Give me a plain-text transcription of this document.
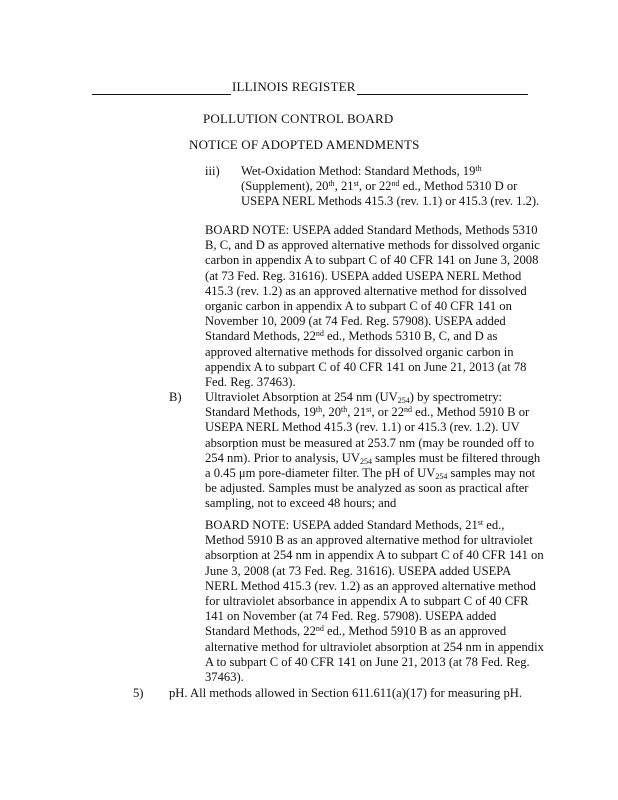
ILLINOIS REGISTER
POLLUTION CONTROL BOARD
NOTICE OF ADOPTED AMENDMENTS
iii) Wet-Oxidation Method: Standard Methods, 19th

(Supplement), 20th, 21st, or 22nd ed., Method 5310 D or

USEPA NERL Methods 415.3 (rev. 1.1) or 415.3 (rev. 1.2).

BOARD NOTE: USEPA added Standard Methods, Methods 5310

B, C, and D as approved alternative methods for dissolved organic

carbon in appendix A to subpart C of 40 CFR 141 on June 3, 2008

(at 73 Fed. Reg. 31616). USEPA added USEPA NERL Method

415.3 (rev. 1.2) as an approved alternative method for dissolved

organic carbon in appendix A to subpart C of 40 CFR 141 on

November 10, 2009 (at 74 Fed. Reg. 57908). USEPA added

Standard Methods, 22nd ed., Methods 5310 B, C, and D as

approved alternative methods for dissolved organic carbon in

appendix A to subpart C of 40 CFR 141 on June 21, 2013 (at 78

Fed. Reg. 37463).

B) Ultraviolet Absorption at 254 nm $(UV_{254})$ by spectrometry:

Standard Methods, 19th, 20th, 21st, or 22nd ed., Method 5910 B or

USEPA NERL Method 415.3 (rev. 1.1) or 415.3 (rev. 1.2). UV

absorption must be measured at 253.7 nm (may be rounded off to

254 nm). Prior to analysis, $UV_{254}$ samples must be filtered through

a 0.45 μm pore-diameter filter. The pH of $UV_{254}$ samples may not

be adjusted. Samples must be analyzed as soon as practical after

sampling, not to exceed 48 hours; and

BOARD NOTE: USEPA added Standard Methods, 21st ed.,

Method 5910 B as an approved alternative method for ultraviolet

absorption at 254 nm in appendix A to subpart C of 40 CFR 141 on

June 3, 2008 (at 73 Fed. Reg. 31616). USEPA added USEPA

NERL Method 415.3 (rev. 1.2) as an approved alternative method

for ultraviolet absorbance in appendix A to subpart C of 40 CFR

141 on November (at 74 Fed. Reg. 57908). USEPA added

Standard Methods, 22nd ed., Method 5910 B as an approved

alternative method for ultraviolet absorption at 254 nm in appendix

A to subpart C of 40 CFR 141 on June 21, 2013 (at 78 Fed. Reg.

37463).

5) pH. All methods allowed in Section 611.611(a)(17) for measuring pH.
